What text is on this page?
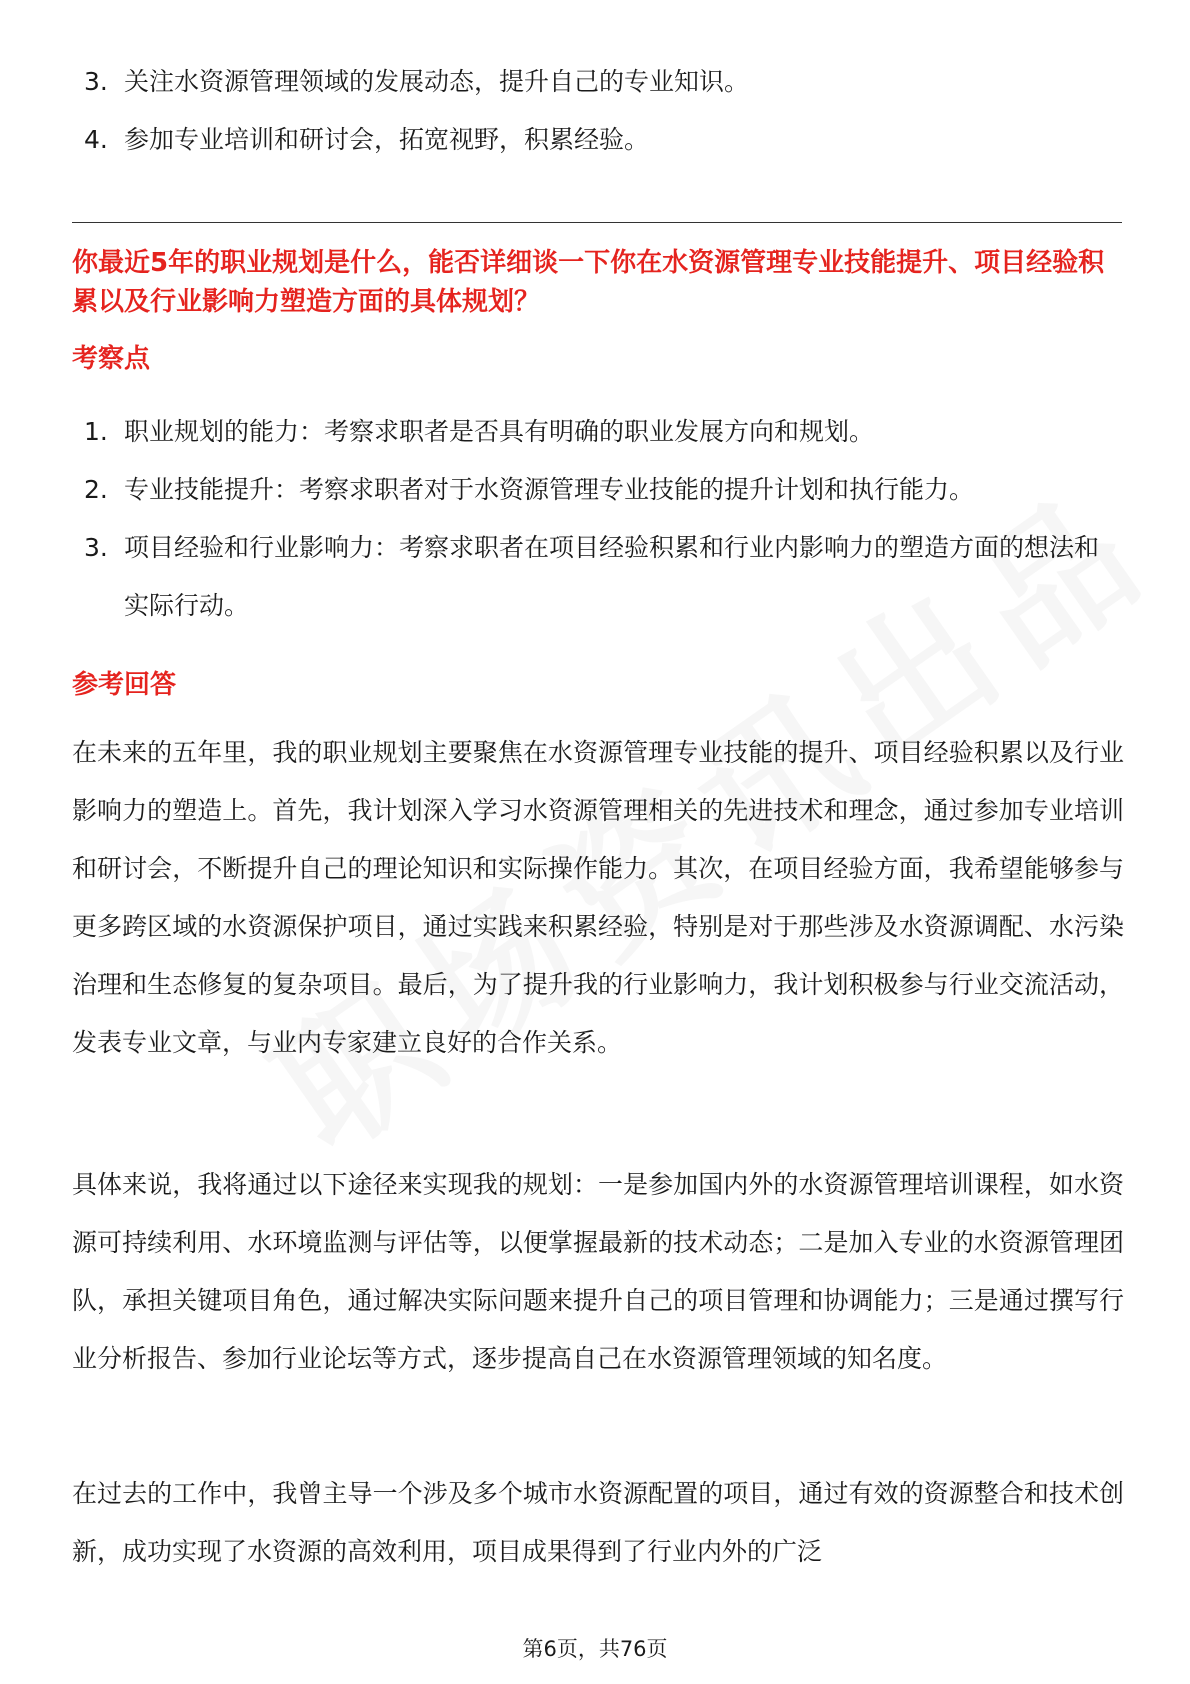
3. 关注水资源管理领域的发展动态，提升自己的专业知识。
4. 参加专业培训和研讨会，拓宽视野，积累经验。
你最近5年的职业规划是什么，能否详细谈一下你在水资源管理专业技能提升、项目经验积累以及行业影响力塑造方面的具体规划？
考察点
1. 职业规划的能力：考察求职者是否具有明确的职业发展方向和规划。
2. 专业技能提升：考察求职者对于水资源管理专业技能的提升计划和执行能力。
3. 项目经验和行业影响力：考察求职者在项目经验积累和行业内影响力的塑造方面的想法和实际行动。
参考回答

在未来的五年里，我的职业规划主要聚焦在水资源管理专业技能的提升、项目经验积累以及行业影响力的塑造上。首先，我计划深入学习水资源管理相关的先进技术和理念，通过参加专业培训和研讨会，不断提升自己的理论知识和实际操作能力。其次，在项目经验方面，我希望能够参与更多跨区域的水资源保护项目，通过实践来积累经验，特别是对于那些涉及水资源调配、水污染治理和生态修复的复杂项目。最后，为了提升我的行业影响力，我计划积极参与行业交流活动，发表专业文章，与业内专家建立良好的合作关系。

具体来说，我将通过以下途径来实现我的规划：一是参加国内外的水资源管理培训课程，如水资源可持续利用、水环境监测与评估等，以便掌握最新的技术动态；二是加入专业的水资源管理团队，承担关键项目角色，通过解决实际问题来提升自己的项目管理和协调能力；三是通过撰写行业分析报告、参加行业论坛等方式，逐步提高自己在水资源管理领域的知名度。

在过去的工作中，我曾主导一个涉及多个城市水资源配置的项目，通过有效的资源整合和技术创新，成功实现了水资源的高效利用，项目成果得到了行业内外的广泛

第6页，共76页
